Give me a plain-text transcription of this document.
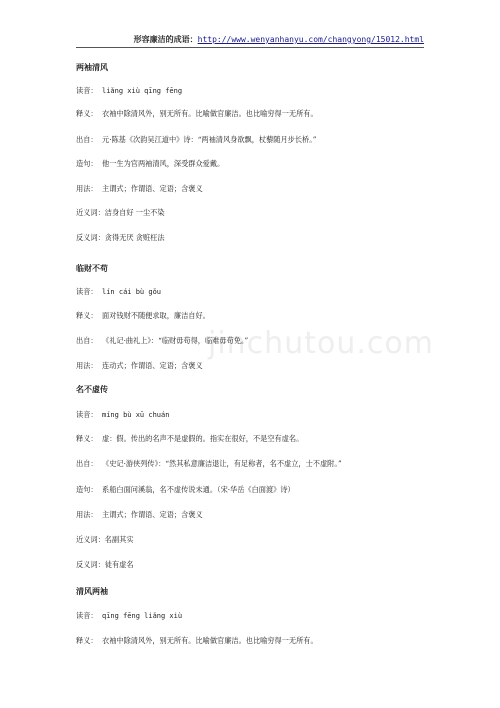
形容廉洁的成语：http://www.wenyanhanyu.com/changyong/15012.html
jinchutou.com
两袖清风
读音： liǎng xiù qīng fēng
释义： 衣袖中除清风外，别无所有。比喻做官廉洁。也比喻穷得一无所有。
出自： 元·陈基《次韵吴江道中》诗：“两袖清风身欲飘，杖藜随月步长桥。”
造句： 他一生为官两袖清风，深受群众爱戴。
用法： 主谓式；作谓语、定语；含褒义
近义词：洁身自好 一尘不染
反义词：贪得无厌 贪赃枉法
临财不苟
读音： lín cái bù gǒu
释义： 面对钱财不随便求取，廉洁自好。
出自： 《礼记·曲礼上》：“临财毋苟得，临难毋苟免。”
用法： 连动式；作谓语、定语；含褒义
名不虚传
读音： míng bù xū chuán
释义： 虚：假。传出的名声不是虚假的。指实在很好，不是空有虚名。
出自： 《史记·游侠列传》：“然其私意廉洁退让，有足称者，名不虚立，士不虚附。”
造句： 系船白面问溪翁，名不虚传说未通。（宋·华岳《白面渡》诗）
用法： 主谓式；作谓语、定语；含褒义
近义词：名副其实
反义词：徒有虚名
清风两袖
读音： qīng fēng liǎng xiù
释义： 衣袖中除清风外，别无所有。比喻做官廉洁。也比喻穷得一无所有。
